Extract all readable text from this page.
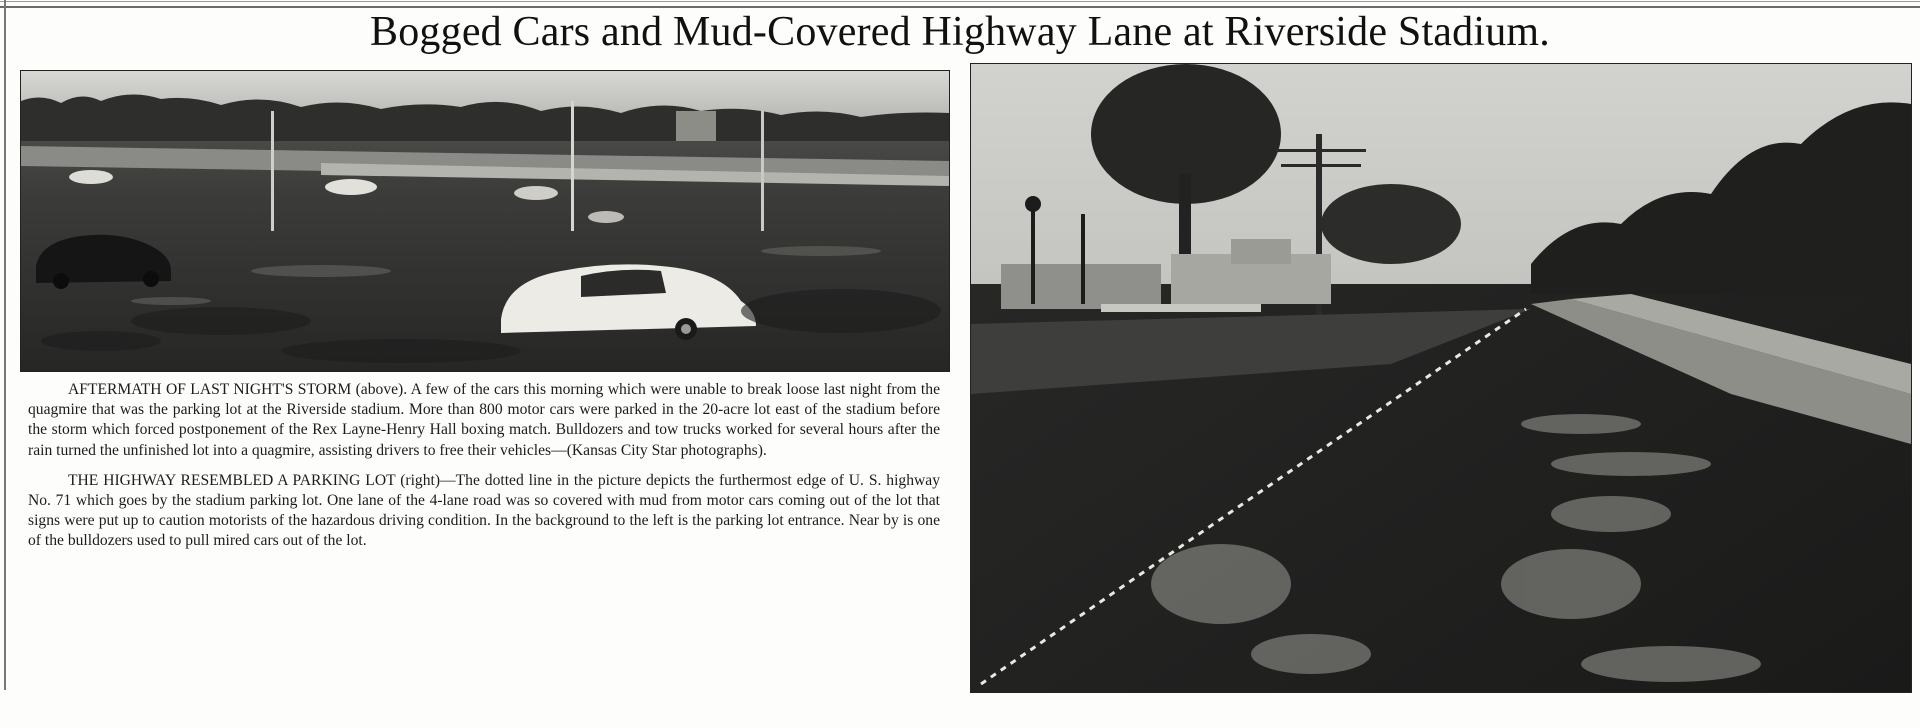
Bogged Cars and Mud-Covered Highway Lane at Riverside Stadium.

AFTERMATH OF LAST NIGHT'S STORM (above). A few of the cars this morning which were unable to break loose last night from the quagmire that was the parking lot at the Riverside stadium. More than 800 motor cars were parked in the 20-acre lot east of the stadium before the storm which forced postponement of the Rex Layne-Henry Hall boxing match. Bulldozers and tow trucks worked for several hours after the rain turned the unfinished lot into a quagmire, assisting drivers to free their vehicles—(Kansas City Star photographs).

THE HIGHWAY RESEMBLED A PARKING LOT (right)—The dotted line in the picture depicts the furthermost edge of U. S. highway No. 71 which goes by the stadium parking lot. One lane of the 4-lane road was so covered with mud from motor cars coming out of the lot that signs were put up to caution motorists of the hazardous driving condition. In the background to the left is the parking lot entrance. Near by is one of the bulldozers used to pull mired cars out of the lot.
